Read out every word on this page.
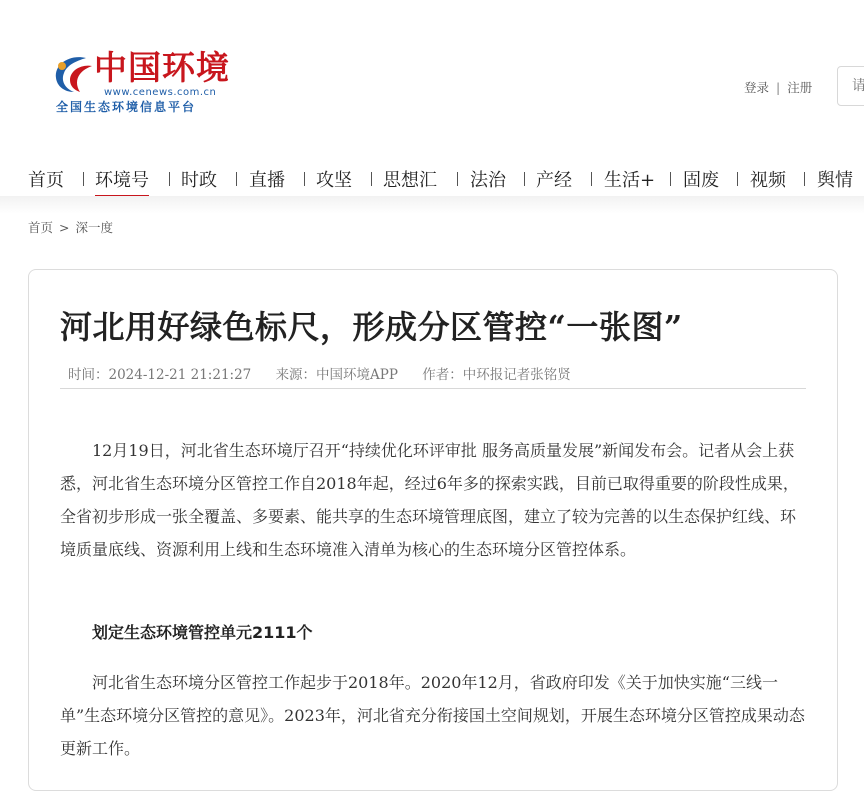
中国环境
www.cenews.com.cn
全国生态环境信息平台
登录 | 注册
请
首页 环境号 时政 直播 攻坚 思想汇 法治 产经 生活+ 固废 视频 舆情
首页 > 深一度
河北用好绿色标尺，形成分区管控“一张图”
时间：2024-12-21 21:21:27 来源：中国环境APP 作者：中环报记者张铭贤

12月19日，河北省生态环境厅召开“持续优化环评审批 服务高质量发展”新闻发布会。记者从会上获悉，河北省生态环境分区管控工作自2018年起，经过6年多的探索实践，目前已取得重要的阶段性成果，全省初步形成一张全覆盖、多要素、能共享的生态环境管理底图，建立了较为完善的以生态保护红线、环境质量底线、资源利用上线和生态环境准入清单为核心的生态环境分区管控体系。

划定生态环境管控单元2111个

河北省生态环境分区管控工作起步于2018年。2020年12月，省政府印发《关于加快实施“三线一单”生态环境分区管控的意见》。2023年，河北省充分衔接国土空间规划，开展生态环境分区管控成果动态更新工作。
